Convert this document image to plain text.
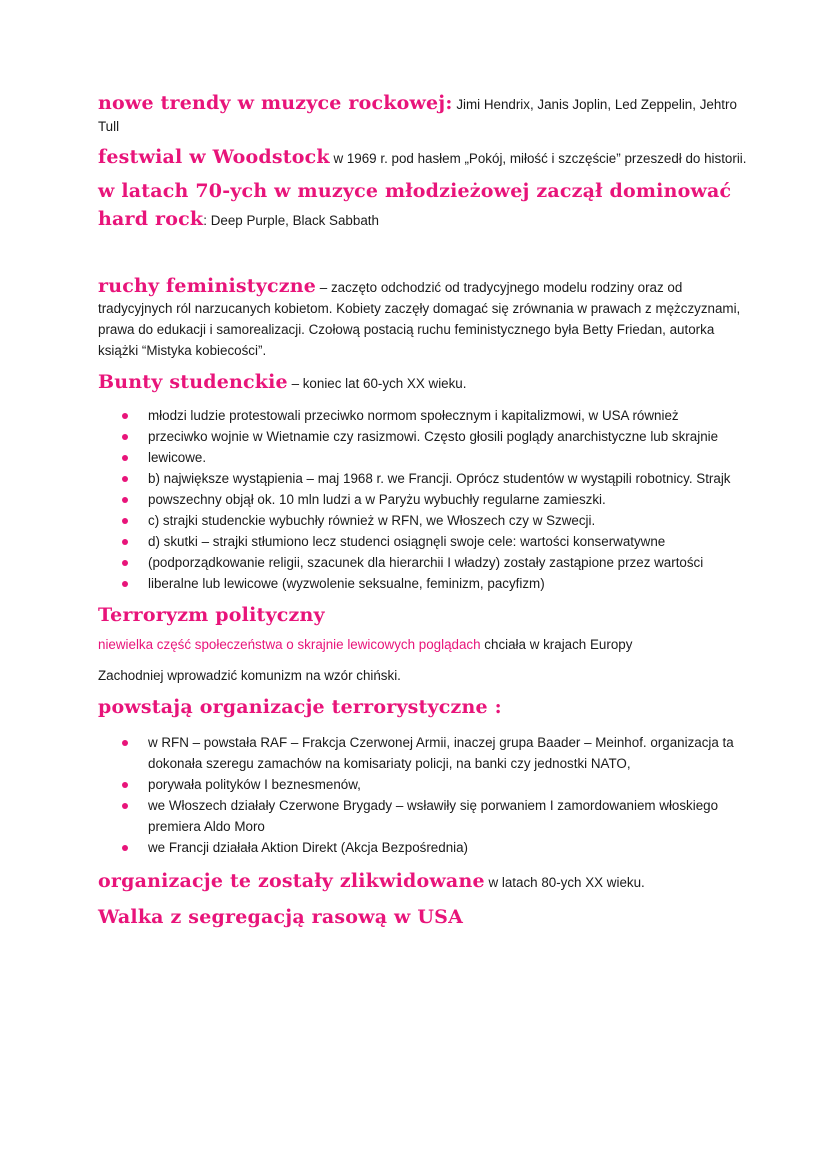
nowe trendy w muzyce rockowej: Jimi Hendrix, Janis Joplin, Led Zeppelin, Jehtro Tull

festwial w Woodstock w 1969 r. pod hasłem „Pokój, miłość i szczęście” przeszedł do historii.

w latach 70-ych w muzyce młodzieżowej zaczął dominować hard rock: Deep Purple, Black Sabbath

ruchy feministyczne – zaczęto odchodzić od tradycyjnego modelu rodziny oraz od tradycyjnych ról narzucanych kobietom. Kobiety zaczęły domagać się zrównania w prawach z mężczyznami, prawa do edukacji i samorealizacji. Czołową postacią ruchu feministycznego była Betty Friedan, autorka książki “Mistyka kobiecości”.

Bunty studenckie – koniec lat 60-ych XX wieku.

młodzi ludzie protestowali przeciwko normom społecznym i kapitalizmowi, w USA również
przeciwko wojnie w Wietnamie czy rasizmowi. Często głosili poglądy anarchistyczne lub skrajnie
lewicowe.
b) największe wystąpienia – maj 1968 r. we Francji. Oprócz studentów w wystąpili robotnicy. Strajk
powszechny objął ok. 10 mln ludzi a w Paryżu wybuchły regularne zamieszki.
c) strajki studenckie wybuchły również w RFN, we Włoszech czy w Szwecji.
d) skutki – strajki stłumiono lecz studenci osiągnęli swoje cele: wartości konserwatywne
(podporządkowanie religii, szacunek dla hierarchii I władzy) zostały zastąpione przez wartości
liberalne lub lewicowe (wyzwolenie seksualne, feminizm, pacyfizm)

Terroryzm polityczny

niewielka część społeczeństwa o skrajnie lewicowych poglądach chciała w krajach Europy

Zachodniej wprowadzić komunizm na wzór chiński.

powstają organizacje terrorystyczne :

w RFN – powstała RAF – Frakcja Czerwonej Armii, inaczej grupa Baader – Meinhof. organizacja ta dokonała szeregu zamachów na komisariaty policji, na banki czy jednostki NATO,
porywała polityków I beznesmenów,
we Włoszech działały Czerwone Brygady – wsławiły się porwaniem I zamordowaniem włoskiego premiera Aldo Moro
we Francji działała Aktion Direkt (Akcja Bezpośrednia)

organizacje te zostały zlikwidowane w latach 80-ych XX wieku.

Walka z segregacją rasową w USA
